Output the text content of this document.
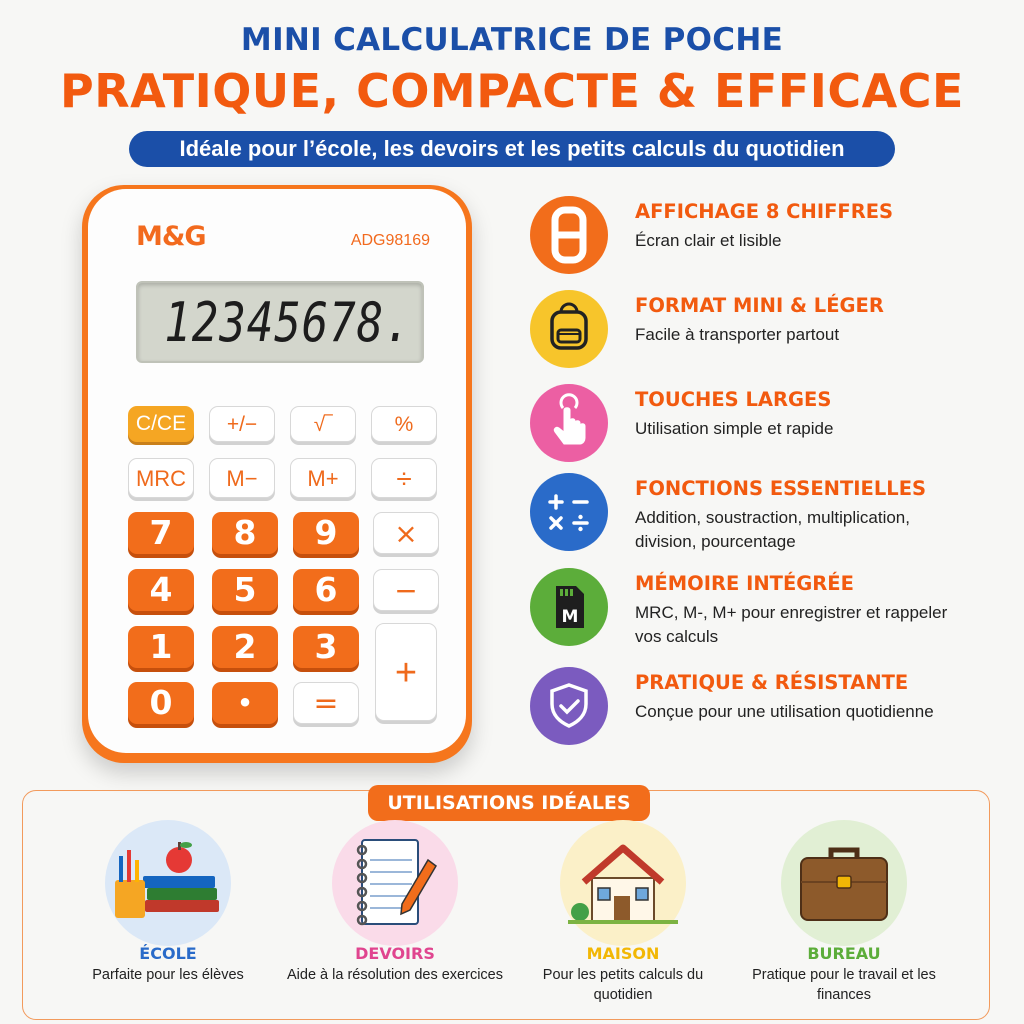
MINI CALCULATRICE DE POCHE
PRATIQUE, COMPACTE & EFFICACE
Idéale pour l’école, les devoirs et les petits calculs du quotidien
M&G	ADG98169
12345678.
C/CE	+/−	√‾	%
MRC	M−	M+	÷
7	8	9	×
4	5	6	−
1	2	3
+
0	•	=
AFFICHAGE 8 CHIFFRES
Écran clair et lisible
FORMAT MINI & LÉGER
Facile à transporter partout
TOUCHES LARGES
Utilisation simple et rapide
FONCTIONS ESSENTIELLES
Addition, soustraction, multiplication, division, pourcentage
M
MÉMOIRE INTÉGRÉE
MRC, M-, M+ pour enregistrer et rappeler vos calculs
PRATIQUE & RÉSISTANTE
Conçue pour une utilisation quotidienne
UTILISATIONS IDÉALES
ÉCOLE
Parfaite pour les élèves
DEVOIRS
Aide à la résolution des exercices
MAISON
Pour les petits calculs du quotidien
BUREAU
Pratique pour le travail et les finances
